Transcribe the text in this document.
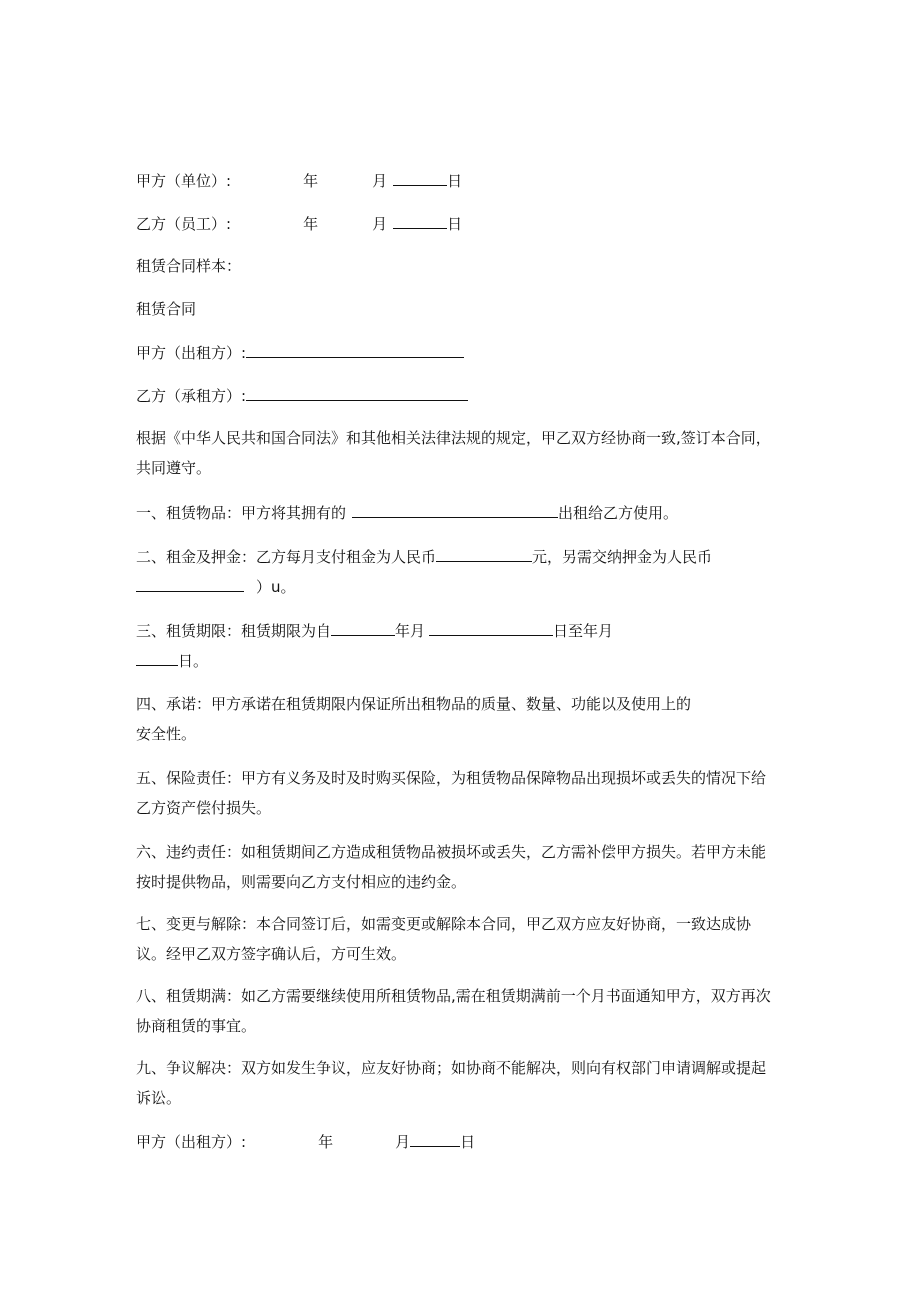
甲方（单位）:	年	月	日
乙方（员工）:	年	月	日
租赁合同样本：
租赁合同
甲方（出租方）:
乙方（承租方）:
根据《中华人民共和国合同法》和其他相关法律法规的规定，甲乙双方经协商一致,签订本合同，
共同遵守。
一、租赁物品：甲方将其拥有的	出租给乙方使用。
二、租金及押金：乙方每月支付租金为人民币	元，另需交纳押金为人民币
）u。
三、租赁期限：租赁期限为自	年月	日至年月
日。
四、承诺：甲方承诺在租赁期限内保证所出租物品的质量、数量、功能以及使用上的
安全性。
五、保险责任：甲方有义务及时及时购买保险，为租赁物品保障物品出现损坏或丢失的情况下给
乙方资产偿付损失。
六、违约责任：如租赁期间乙方造成租赁物品被损坏或丢失，乙方需补偿甲方损失。若甲方未能
按时提供物品，则需要向乙方支付相应的违约金。
七、变更与解除：本合同签订后，如需变更或解除本合同，甲乙双方应友好协商，一致达成协
议。经甲乙双方签字确认后，方可生效。
八、租赁期满：如乙方需要继续使用所租赁物品,需在租赁期满前一个月书面通知甲方，双方再次
协商租赁的事宜。
九、争议解决：双方如发生争议，应友好协商；如协商不能解决，则向有权部门申请调解或提起
诉讼。
甲方（出租方）:	年	月	日
